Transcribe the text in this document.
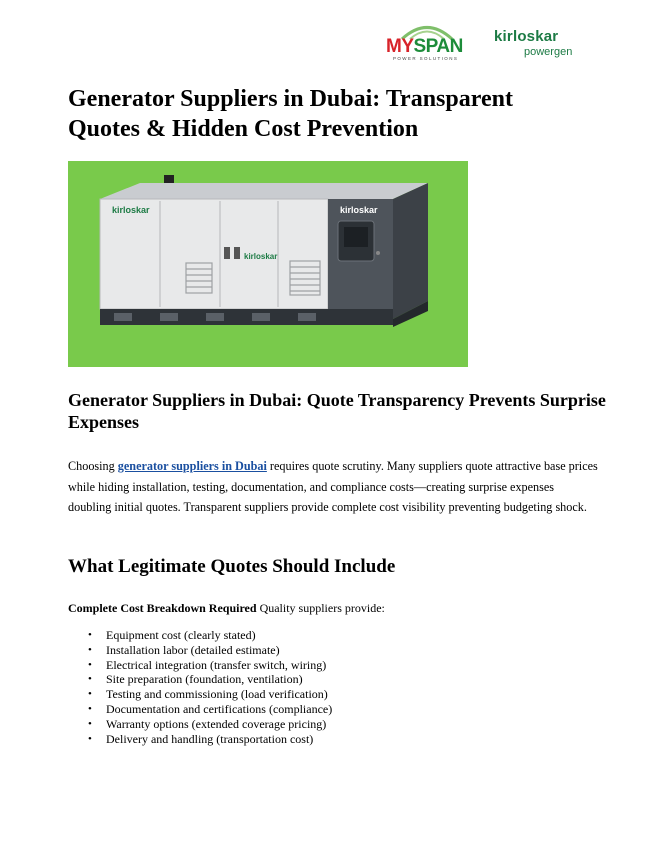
MYSPAN
POWER SOLUTIONS
kirloskar
powergen
Generator Suppliers in Dubai: Transparent Quotes & Hidden Cost Prevention
kirloskar	kirloskar
kirloskar
Generator Suppliers in Dubai: Quote Transparency Prevents Surprise Expenses

Choosing generator suppliers in Dubai requires quote scrutiny. Many suppliers quote attractive base prices while hiding installation, testing, documentation, and compliance costs—creating surprise expenses doubling initial quotes. Transparent suppliers provide complete cost visibility preventing budgeting shock.

What Legitimate Quotes Should Include

Complete Cost Breakdown Required Quality suppliers provide:

• Equipment cost (clearly stated)
• Installation labor (detailed estimate)
• Electrical integration (transfer switch, wiring)
• Site preparation (foundation, ventilation)
• Testing and commissioning (load verification)
• Documentation and certifications (compliance)
• Warranty options (extended coverage pricing)
• Delivery and handling (transportation cost)
